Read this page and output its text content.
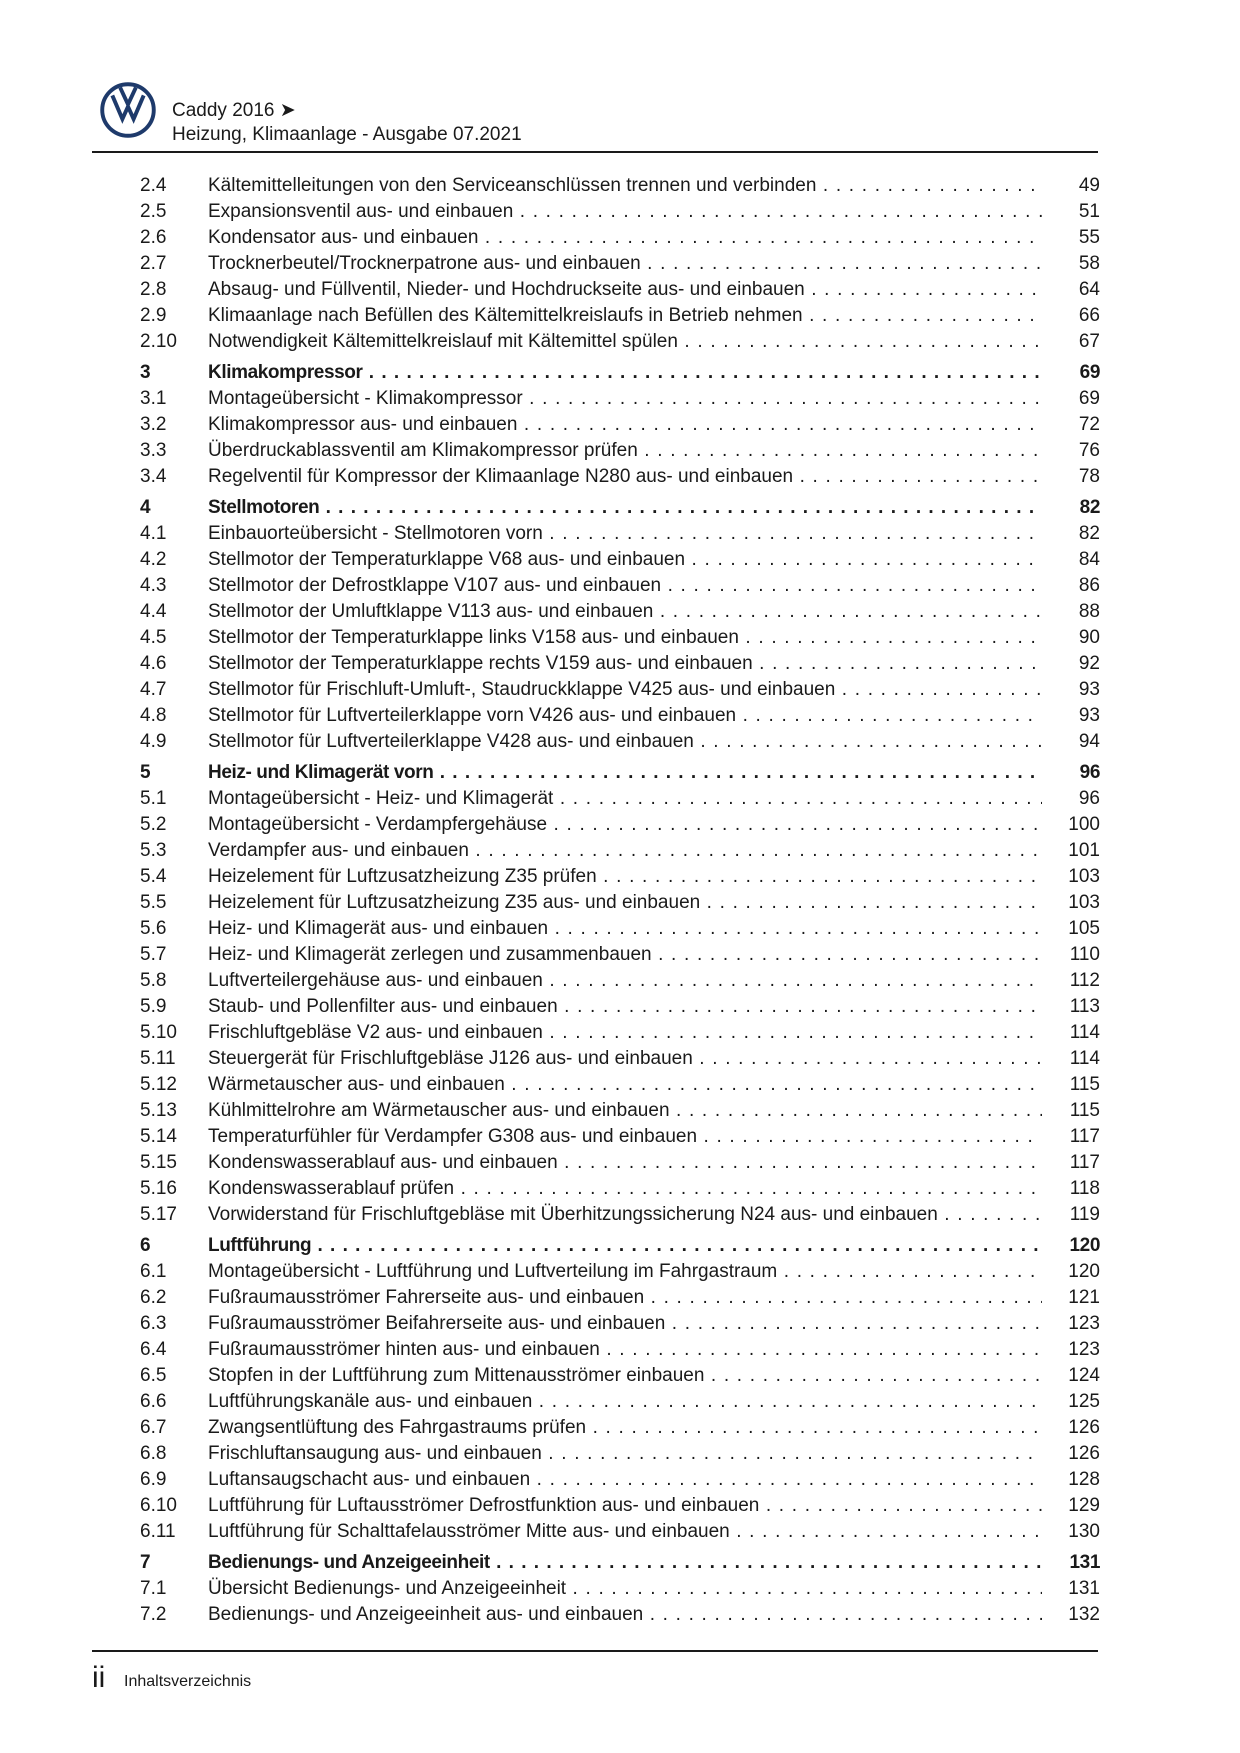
Caddy 2016 ➤
Heizung, Klimaanlage - Ausgabe 07.2021
2.4 Kältemittelleitungen von den Serviceanschlüssen trennen und verbinden . . .	49
2.5 Expansionsventil aus- und einbauen . . .	51
2.6 Kondensator aus- und einbauen . . .	55
2.7 Trocknerbeutel/Trocknerpatrone aus- und einbauen . . .	58
2.8 Absaug- und Füllventil, Nieder- und Hochdruckseite aus- und einbauen . . .	64
2.9 Klimaanlage nach Befüllen des Kältemittelkreislaufs in Betrieb nehmen . . .	66
2.10 Notwendigkeit Kältemittelkreislauf mit Kältemittel spülen . . .	67
3	Klimakompressor . . .	69
3.1 Montageübersicht - Klimakompressor . . .	69
3.2 Klimakompressor aus- und einbauen . . .	72
3.3 Überdruckablassventil am Klimakompressor prüfen . . .	76
3.4 Regelventil für Kompressor der Klimaanlage N280 aus- und einbauen . . .	78
4	Stellmotoren . . .	82
4.1 Einbauorteübersicht - Stellmotoren vorn . . .	82
4.2 Stellmotor der Temperaturklappe V68 aus- und einbauen . . .	84
4.3 Stellmotor der Defrostklappe V107 aus- und einbauen . . .	86
4.4 Stellmotor der Umluftklappe V113 aus- und einbauen . . .	88
4.5 Stellmotor der Temperaturklappe links V158 aus- und einbauen . . .	90
4.6 Stellmotor der Temperaturklappe rechts V159 aus- und einbauen . . .	92
4.7 Stellmotor für Frischluft-Umluft-, Staudruckklappe V425 aus- und einbauen . . .	93
4.8 Stellmotor für Luftverteilerklappe vorn V426 aus- und einbauen . . .	93
4.9 Stellmotor für Luftverteilerklappe V428 aus- und einbauen . . .	94
5	Heiz- und Klimagerät vorn . . .	96
5.1 Montageübersicht - Heiz- und Klimagerät . . .	96
5.2 Montageübersicht - Verdampfergehäuse . . .	100
5.3 Verdampfer aus- und einbauen . . .	101
5.4 Heizelement für Luftzusatzheizung Z35 prüfen . . .	103
5.5 Heizelement für Luftzusatzheizung Z35 aus- und einbauen . . .	103
5.6 Heiz- und Klimagerät aus- und einbauen . . .	105
5.7 Heiz- und Klimagerät zerlegen und zusammenbauen . . .	110
5.8 Luftverteilergehäuse aus- und einbauen . . .	112
5.9 Staub- und Pollenfilter aus- und einbauen . . .	113
5.10 Frischluftgebläse V2 aus- und einbauen . . .	114
5.11 Steuergerät für Frischluftgebläse J126 aus- und einbauen . . .	114
5.12 Wärmetauscher aus- und einbauen . . .	115
5.13 Kühlmittelrohre am Wärmetauscher aus- und einbauen . . .	115
5.14 Temperaturfühler für Verdampfer G308 aus- und einbauen . . .	117
5.15 Kondenswasserablauf aus- und einbauen . . .	117
5.16 Kondenswasserablauf prüfen . . .	118
5.17 Vorwiderstand für Frischluftgebläse mit Überhitzungssicherung N24 aus- und einbauen . . .	119
6	Luftführung . . .	120
6.1 Montageübersicht - Luftführung und Luftverteilung im Fahrgastraum . . .	120
6.2 Fußraumausströmer Fahrerseite aus- und einbauen . . .	121
6.3 Fußraumausströmer Beifahrerseite aus- und einbauen . . .	123
6.4 Fußraumausströmer hinten aus- und einbauen . . .	123
6.5 Stopfen in der Luftführung zum Mittenausströmer einbauen . . .	124
6.6 Luftführungskanäle aus- und einbauen . . .	125
6.7 Zwangsentlüftung des Fahrgastraums prüfen . . .	126
6.8 Frischluftansaugung aus- und einbauen . . .	126
6.9 Luftansaugschacht aus- und einbauen . . .	128
6.10 Luftführung für Luftausströmer Defrostfunktion aus- und einbauen . . .	129
6.11 Luftführung für Schalttafelausströmer Mitte aus- und einbauen . . .	130
7	Bedienungs- und Anzeigeeinheit . . .	131
7.1 Übersicht Bedienungs- und Anzeigeeinheit . . .	131
7.2 Bedienungs- und Anzeigeeinheit aus- und einbauen . . .	132
ii Inhaltsverzeichnis
